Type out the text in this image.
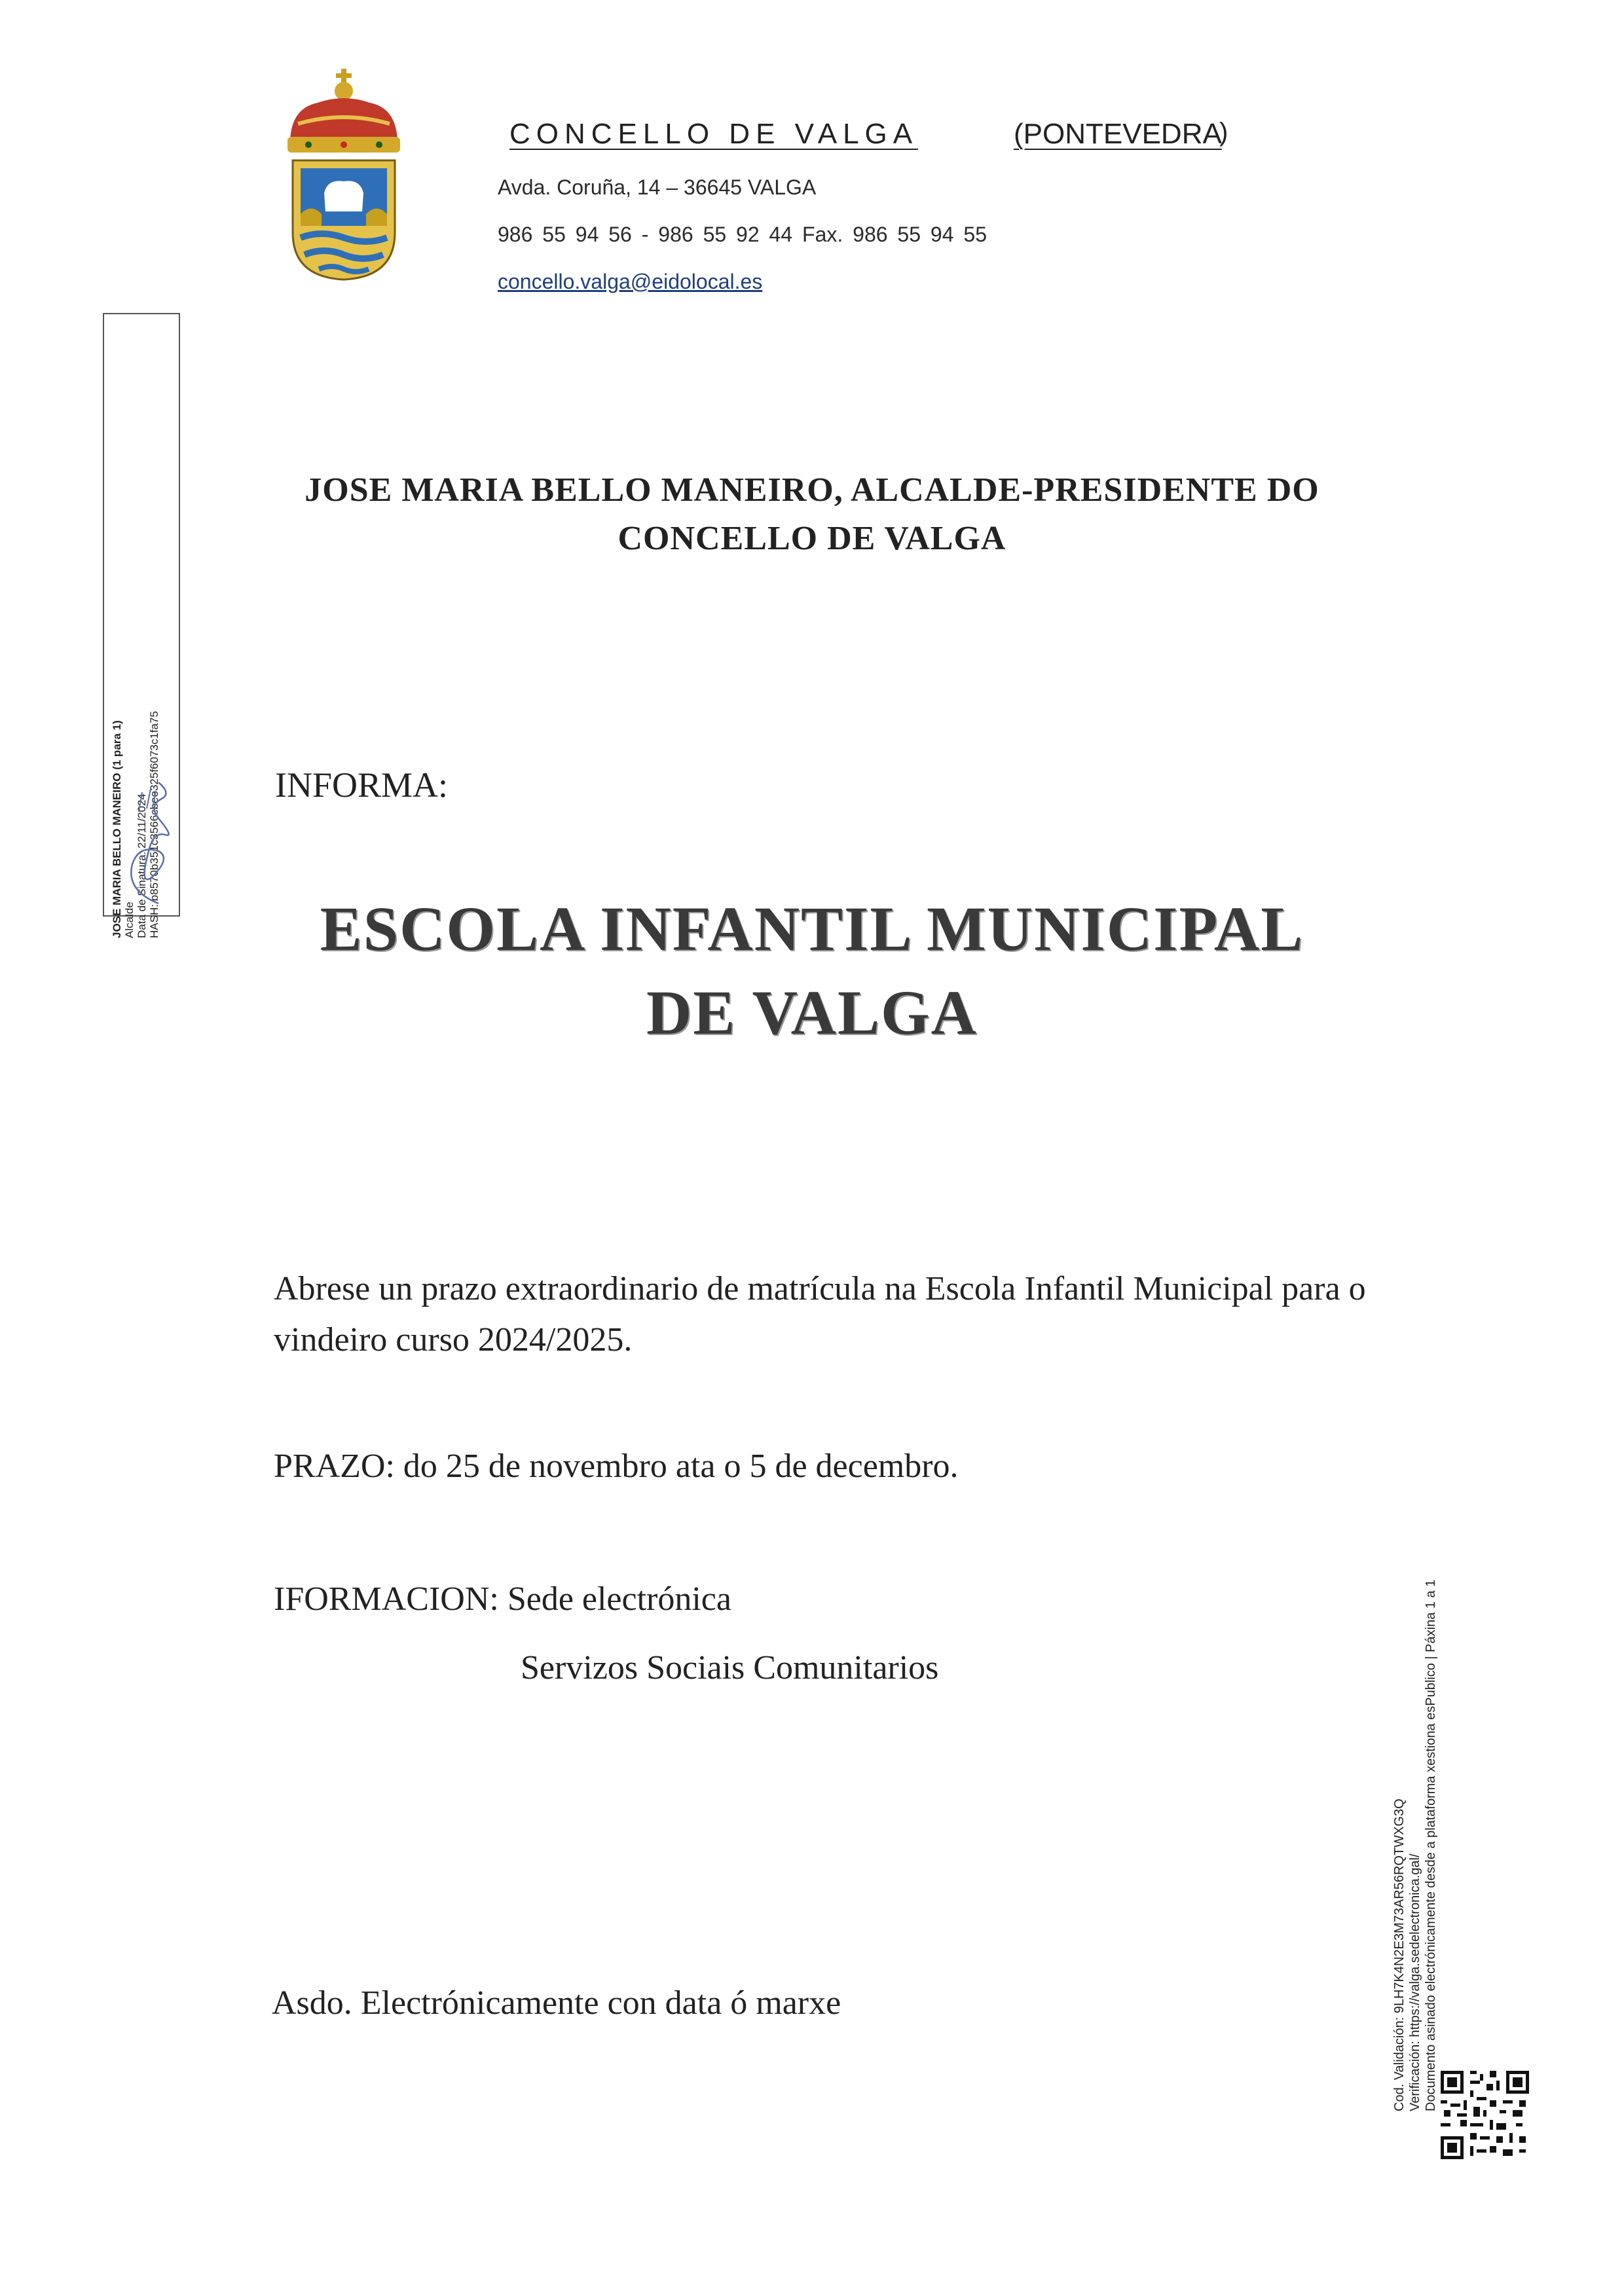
CONCELLO DE VALGA	(PONTEVEDRA
)
Avda. Coruña, 14 – 36645 VALGA
986 55 94 56 - 986 55 92 44 Fax. 986 55 94 55
concello.valga@eidolocal.es
JOSE MARIA BELLO MANEIRO (1 para 1) Alcalde Data de Sinatura: 22/11/2024 HASH: b8570b351c3566cbee325f6073c1fa75
JOSE MARIA BELLO MANEIRO, ALCALDE-PRESIDENTE DO
CONCELLO DE VALGA
INFORMA:
ESCOLA INFANTIL MUNICIPAL
DE VALGA
Abrese un prazo extraordinario de matrícula na Escola Infantil Municipal para o vindeiro curso 2024/2025.
PRAZO: do 25 de novembro ata o 5 de decembro.
IFORMACION: Sede electrónica
Servizos Sociais Comunitarios
Asdo. Electrónicamente con data ó marxe	Cod. Validación: 9LH7K4N2E3M73AR56RQTWXG3Q Verificación: https://valga.sedelectronica.gal/ Documento asinado electrónicamente desde a plataforma xestiona esPublico | Páxina 1 a 1
